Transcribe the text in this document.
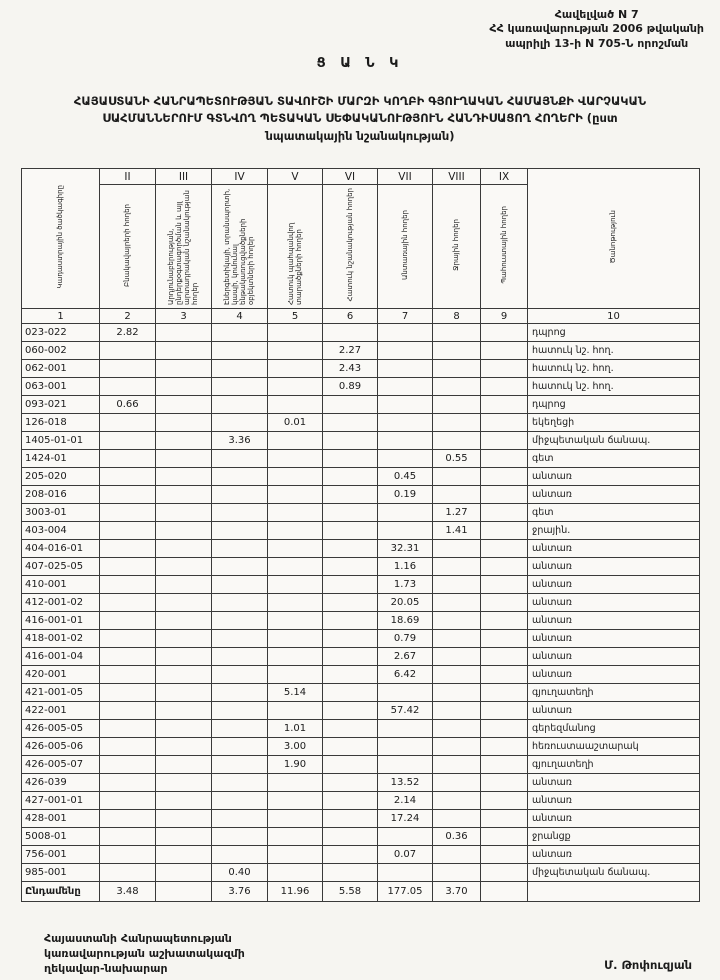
Հավելված N 7
ՀՀ կառավարության 2006 թվականի
ապրիլի 13-ի N 705-Ն որոշման
Ց Ա Ն Կ
ՀԱՅԱՍՏԱՆԻ ՀԱՆՐԱՊԵՏՈՒԹՅԱՆ ՏԱՎՈՒՇԻ ՄԱՐԶԻ ԿՈՂԲԻ ԳՅՈՒՂԱԿԱՆ ՀԱՄԱՅՆՔԻ ՎԱՐՉԱԿԱՆ
ՍԱՀՄԱՆՆԵՐՈՒՄ ԳՏՆՎՈՂ ՊԵՏԱԿԱՆ ՍԵՓԱԿԱՆՈՒԹՅՈՒՆ ՀԱՆԴԻՍԱՑՈՂ ՀՈՂԵՐԻ (ըստ
նպատակային նշանակության)
Կադաստրային ծածկագիրը	II	III	IV	V	VI	VII	VIII	IX	Ծանոթություն
	Բնակավայրերի հողեր	Արդյունաբերության, ընդերքօգտագործման և այլ արտադրական նշանակության հողեր	Էներգետիկայի, տրանսպորտի, կապի, կոմունալ ենթակառուցվածքների օբյեկտների հողեր	Հատուկ պահպանվող տարածքների հողեր	Հատուկ նշանակության հողեր	Անտառային հողեր	Ջրային հողեր	Պահուստային հողեր	
1	2	3	4	5	6	7	8	9	10
023-022	2.82								դպրոց
060-002					2.27				հատուկ նշ. հող.
062-001					2.43				հատուկ նշ. հող.
063-001					0.89				հատուկ նշ. հող.
093-021	0.66								դպրոց
126-018				0.01					եկեղեցի
1405-01-01			3.36						միջպետական ճանապ.
1424-01							0.55		գետ
205-020						0.45			անտառ
208-016						0.19			անտառ
3003-01							1.27		գետ
403-004							1.41		ջրային.
404-016-01						32.31			անտառ
407-025-05						1.16			անտառ
410-001						1.73			անտառ
412-001-02						20.05			անտառ
416-001-01						18.69			անտառ
418-001-02						0.79			անտառ
416-001-04						2.67			անտառ
420-001						6.42			անտառ
421-001-05				5.14					գյուղատեղի
422-001						57.42			անտառ
426-005-05				1.01					գերեզմանոց
426-005-06				3.00					հեռուստաաշտարակ
426-005-07				1.90					գյուղատեղի
426-039						13.52			անտառ
427-001-01						2.14			անտառ
428-001						17.24			անտառ
5008-01							0.36		ջրանցք
756-001						0.07			անտառ
985-001			0.40						միջպետական ճանապ.
Ընդամենը	3.48		3.76	11.96	5.58	177.05	3.70		
Հայաստանի Հանրապետության
կառավարության աշխատակազմի
ղեկավար-նախարար	Մ. Թոփուզյան
